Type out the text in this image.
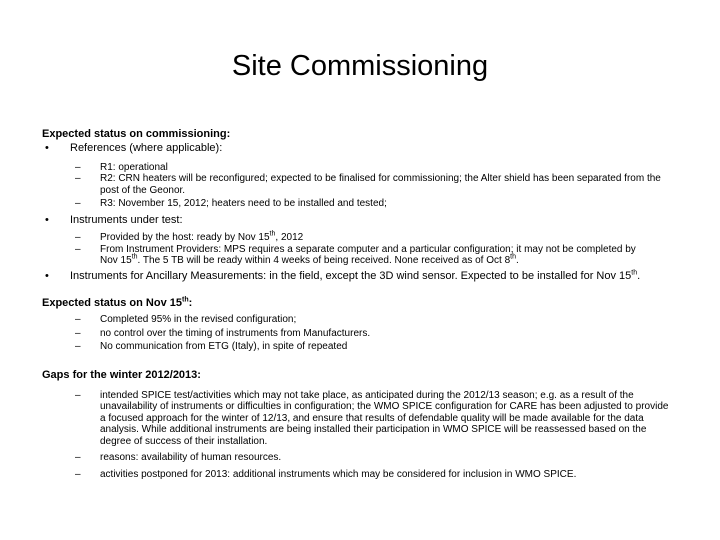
Site Commissioning
Expected status on commissioning:
• References (where applicable):
– R1: operational
– R2: CRN heaters will be reconfigured; expected to be finalised for commissioning; the Alter shield has been separated from the post of the Geonor.
– R3: November 15, 2012; heaters need to be installed and tested;
• Instruments under test:
– Provided by the host: ready by Nov 15th, 2012
– From Instrument Providers: MPS requires a separate computer and a particular configuration; it may not be completed by Nov 15th. The 5 TB will be ready within 4 weeks of being received. None received as of Oct 8th.
• Instruments for Ancillary Measurements: in the field, except the 3D wind sensor. Expected to be installed for Nov 15th.
Expected status on Nov 15th:
– Completed 95% in the revised configuration;
– no control over the timing of instruments from Manufacturers.
– No communication from ETG (Italy), in spite of repeated
Gaps for the winter 2012/2013:
– intended SPICE test/activities which may not take place, as anticipated during the 2012/13 season; e.g. as a result of the unavailability of instruments or difficulties in configuration; the WMO SPICE configuration for CARE has been adjusted to provide a focused approach for the winter of 12/13, and ensure that results of defendable quality will be made available for the data analysis. While additional instruments are being installed their participation in WMO SPICE will be reassessed based on the degree of success of their installation.
– reasons: availability of human resources.
– activities postponed for 2013: additional instruments which may be considered for inclusion in WMO SPICE.
